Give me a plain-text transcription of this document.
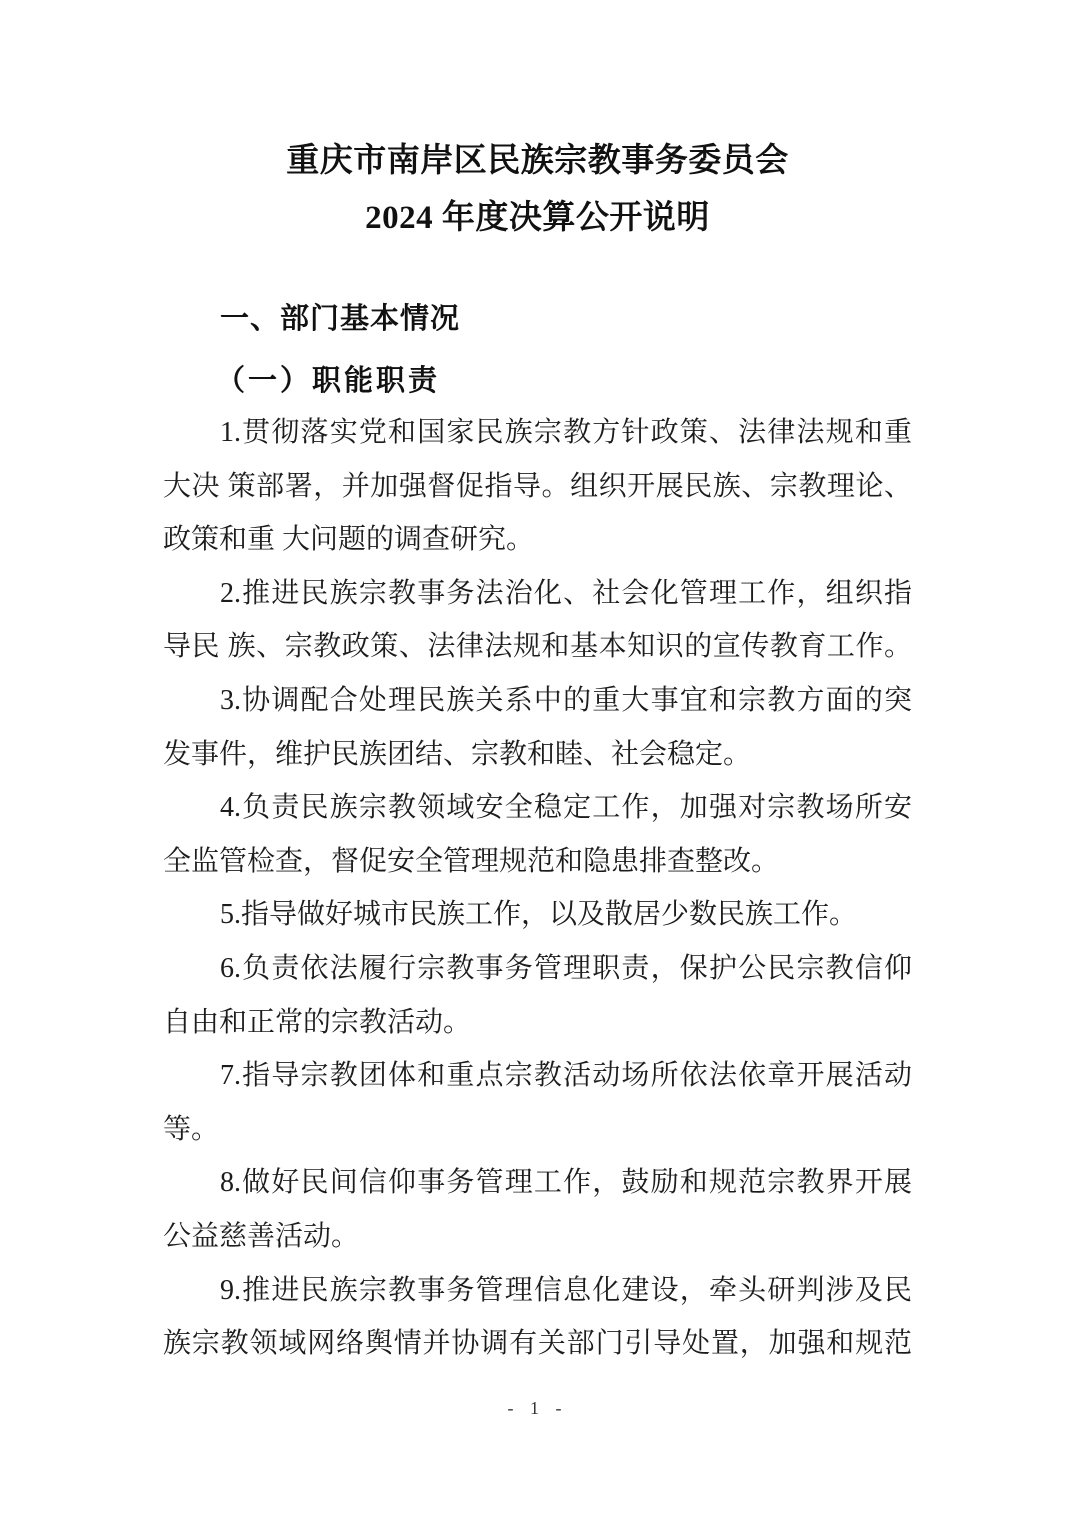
重庆市南岸区民族宗教事务委员会
2024 年度决算公开说明
一、部门基本情况
（一）职能职责
1.贯彻落实党和国家民族宗教方针政策、法律法规和重
大决 策部署，并加强督促指导。组织开展民族、宗教理论、
政策和重 大问题的调查研究。
2.推进民族宗教事务法治化、社会化管理工作，组织指
导民 族、宗教政策、法律法规和基本知识的宣传教育工作。
3.协调配合处理民族关系中的重大事宜和宗教方面的突
发事件，维护民族团结、宗教和睦、社会稳定。
4.负责民族宗教领域安全稳定工作，加强对宗教场所安
全监管检查，督促安全管理规范和隐患排查整改。
5.指导做好城市民族工作，以及散居少数民族工作。
6.负责依法履行宗教事务管理职责，保护公民宗教信仰
自由和正常的宗教活动。
7.指导宗教团体和重点宗教活动场所依法依章开展活动
等。
8.做好民间信仰事务管理工作，鼓励和规范宗教界开展
公益慈善活动。
9.推进民族宗教事务管理信息化建设，牵头研判涉及民
族宗教领域网络舆情并协调有关部门引导处置，加强和规范
- 1 -
